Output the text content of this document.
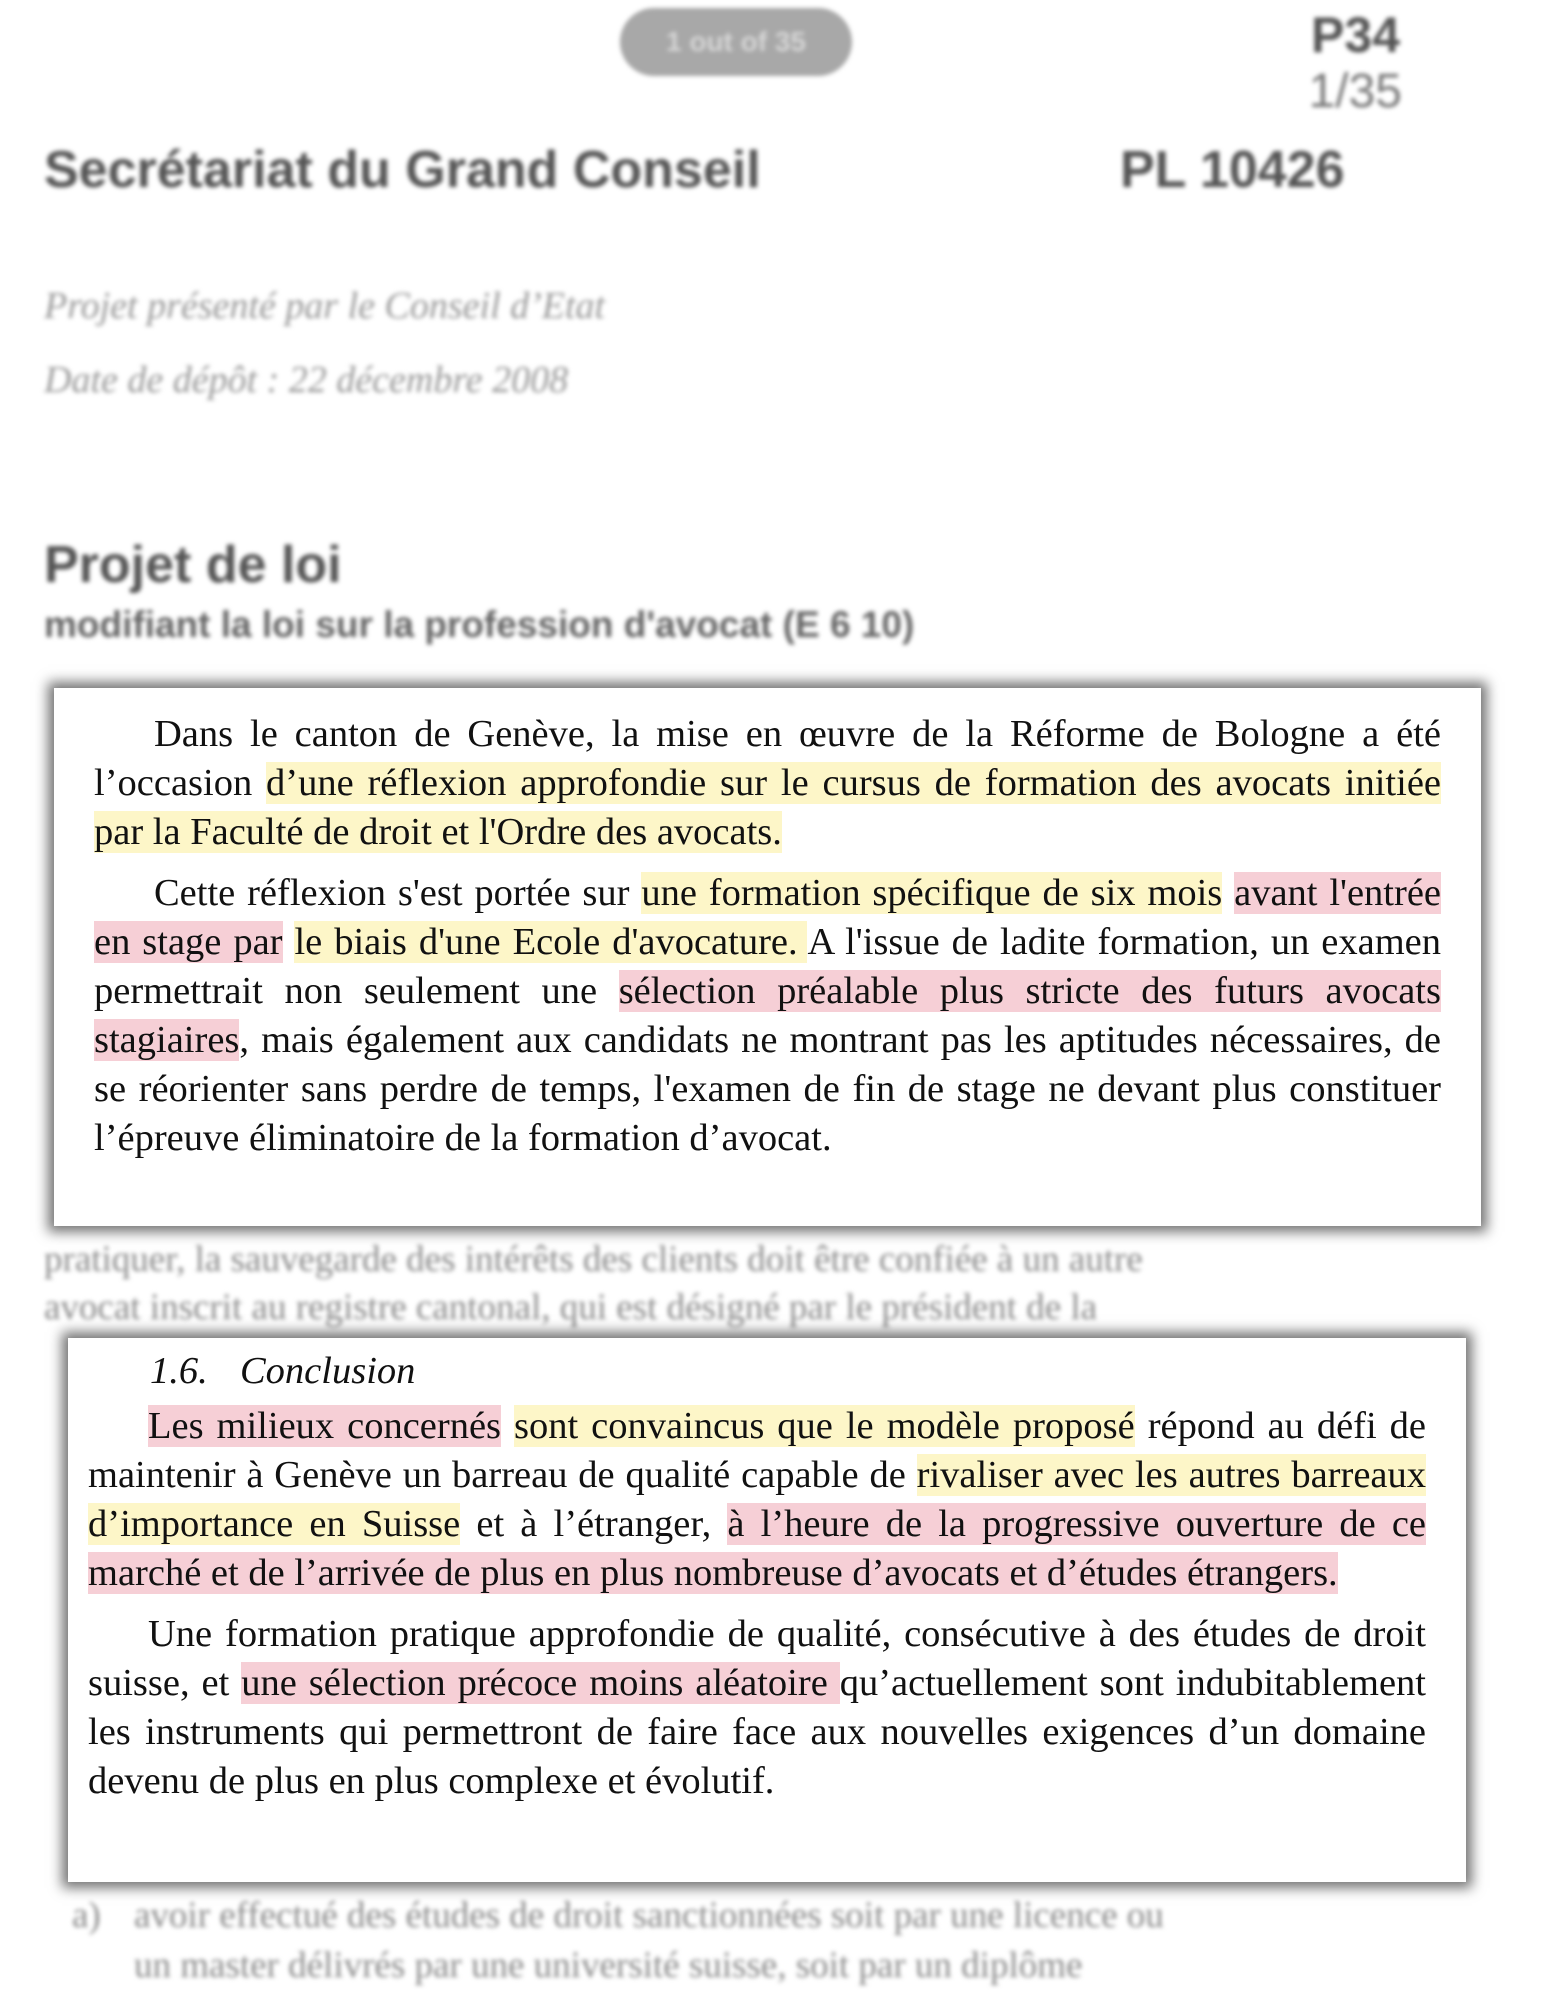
1 out of 35	P34
1/35
Secrétariat du Grand Conseil	PL 10426
Projet présenté par le Conseil d’Etat
Date de dépôt : 22 décembre 2008
Projet de loi
modifiant la loi sur la profession d'avocat (E 6 10)
pratiquer, la sauvegarde des intérêts des clients doit être confiée à un autre
avocat inscrit au registre cantonal, qui est désigné par le président de la
a) avoir effectué des études de droit sanctionnées soit par une licence ou
un master délivrés par une université suisse, soit par un diplôme

Dans le canton de Genève, la mise en œuvre de la Réforme de Bologne a été l’occasion d’une réflexion approfondie sur le cursus de formation des avocats initiée par la Faculté de droit et l'Ordre des avocats.

Cette réflexion s'est portée sur une formation spécifique de six mois avant l'entrée en stage par le biais d'une Ecole d'avocature. A l'issue de ladite formation, un examen permettrait non seulement une sélection préalable plus stricte des futurs avocats stagiaires, mais également aux candidats ne montrant pas les aptitudes nécessaires, de se réorienter sans perdre de temps, l'examen de fin de stage ne devant plus constituer l’épreuve éliminatoire de la formation d’avocat.

1.6. Conclusion

Les milieux concernés sont convaincus que le modèle proposé répond au défi de maintenir à Genève un barreau de qualité capable de rivaliser avec les autres barreaux d’importance en Suisse et à l’étranger, à l’heure de la progressive ouverture de ce marché et de l’arrivée de plus en plus nombreuse d’avocats et d’études étrangers.

Une formation pratique approfondie de qualité, consécutive à des études de droit suisse, et une sélection précoce moins aléatoire qu’actuellement sont indubitablement les instruments qui permettront de faire face aux nouvelles exigences d’un domaine devenu de plus en plus complexe et évolutif.
